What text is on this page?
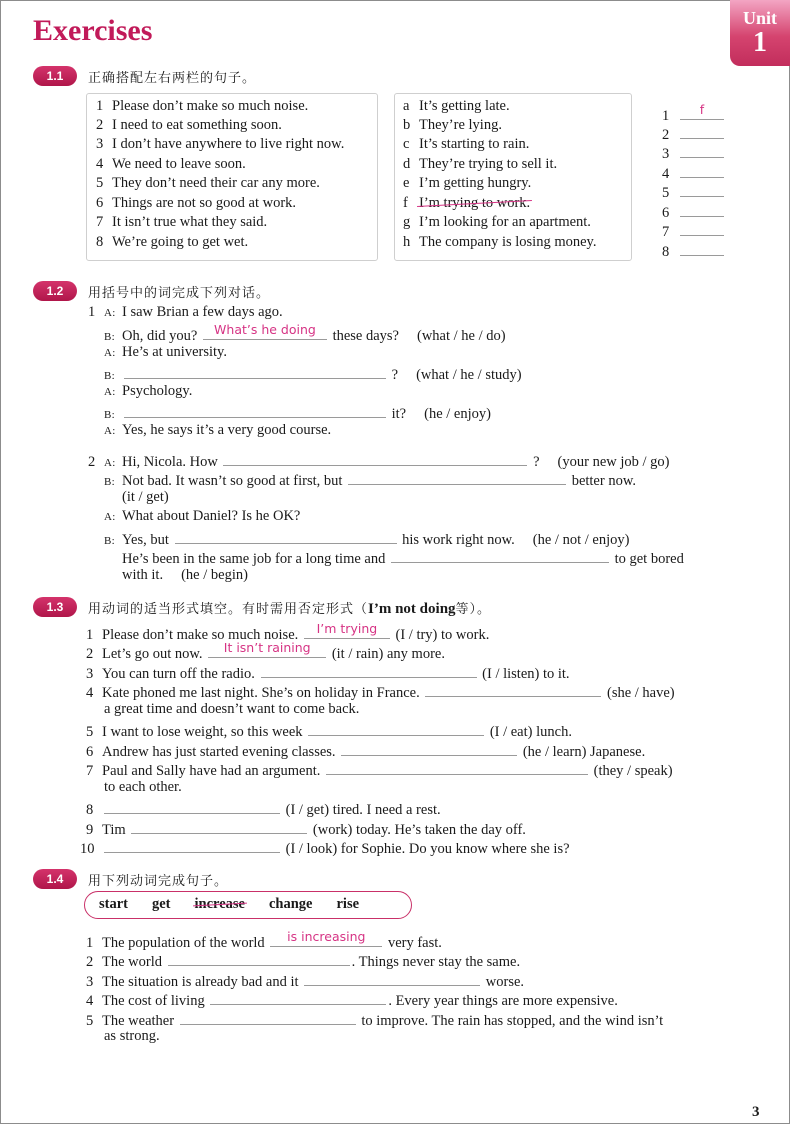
Exercises	Unit
1
1.1	正确搭配左右两栏的句子。
1 Please don’t make so much noise.
2 I need to eat something soon.
3 I don’t have anywhere to live right now.
4 We need to leave soon.
5 They don’t need their car any more.
6 Things are not so good at work.
7 It isn’t true what they said.
8 We’re going to get wet.
a It’s getting late.
b They’re lying.
c It’s starting to rain.
d They’re trying to sell it.
e I’m getting hungry.
f I’m trying to work.
g I’m looking for an apartment.
h The company is losing money.
1	f
2
3
4
5
6
7
8
1.2	用括号中的词完成下列对话。
1 A: I saw Brian a few days ago.
B: Oh, did you?	What’s he doing	these days? (what / he / do)
A: He’s at university.
B:	? (what / he / study)
A: Psychology.
B:	it? (he / enjoy)
A: Yes, he says it’s a very good course.
2 A: Hi, Nicola. How	? (your new job / go)
B: Not bad. It wasn’t so good at first, but	better now.
(it / get)
A: What about Daniel? Is he OK?
B: Yes, but	his work right now. (he / not / enjoy)
He’s been in the same job for a long time and	to get bored
with it. (he / begin)
1.3	用动词的适当形式填空。有时需用否定形式（I’m not doing等）。
1 Please don’t make so much noise.	I’m trying	(I / try) to work.
2 Let’s go out now.	It isn’t raining	(it / rain) any more.
3 You can turn off the radio.	(I / listen) to it.
4 Kate phoned me last night. She’s on holiday in France.	(she / have)
a great time and doesn’t want to come back.
5 I want to lose weight, so this week	(I / eat) lunch.
6 Andrew has just started evening classes.	(he / learn) Japanese.
7 Paul and Sally have had an argument.	(they / speak)
to each other.
8	(I / get) tired. I need a rest.
9 Tim	(work) today. He’s taken the day off.
10	(I / look) for Sophie. Do you know where she is?
1.4	用下列动词完成句子。
start get increase change rise
1 The population of the world	is increasing	very fast.
2 The world	. Things never stay the same.
3 The situation is already bad and it	worse.
4 The cost of living	. Every year things are more expensive.
5 The weather	to improve. The rain has stopped, and the wind isn’t
as strong.
3
